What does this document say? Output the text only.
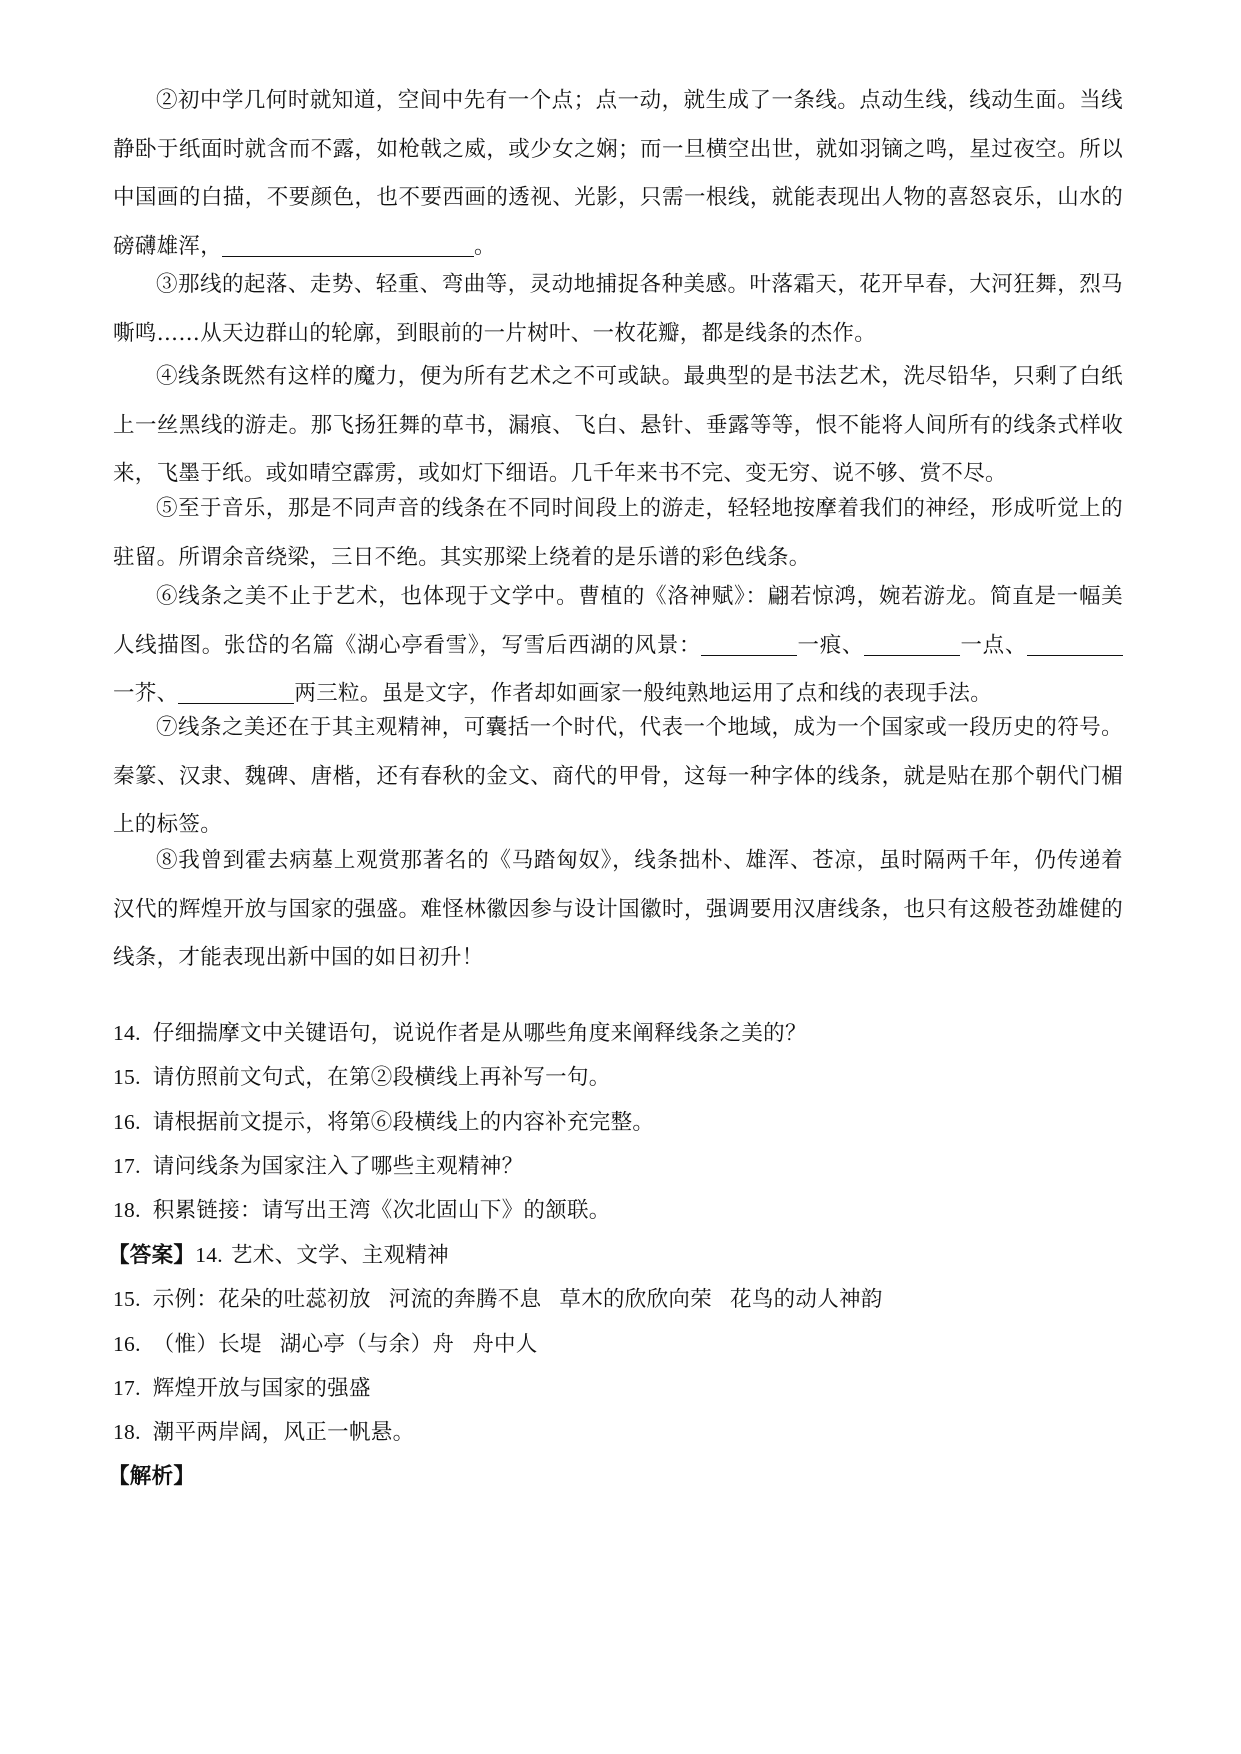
②初中学几何时就知道，空间中先有一个点；点一动，就生成了一条线。点动生线，线动生面。当线静卧于纸面时就含而不露，如枪戟之威，或少女之娴；而一旦横空出世，就如羽镝之鸣，星过夜空。所以中国画的白描，不要颜色，也不要西画的透视、光影，只需一根线，就能表现出人物的喜怒哀乐，山水的磅礴雄浑，	。

③那线的起落、走势、轻重、弯曲等，灵动地捕捉各种美感。叶落霜天，花开早春，大河狂舞，烈马嘶鸣……从天边群山的轮廓，到眼前的一片树叶、一枚花瓣，都是线条的杰作。

④线条既然有这样的魔力，便为所有艺术之不可或缺。最典型的是书法艺术，洗尽铅华，只剩了白纸上一丝黑线的游走。那飞扬狂舞的草书，漏痕、飞白、悬针、垂露等等，恨不能将人间所有的线条式样收来，飞墨于纸。或如晴空霹雳，或如灯下细语。几千年来书不完、变无穷、说不够、赏不尽。

⑤至于音乐，那是不同声音的线条在不同时间段上的游走，轻轻地按摩着我们的神经，形成听觉上的驻留。所谓余音绕梁，三日不绝。其实那梁上绕着的是乐谱的彩色线条。

⑥线条之美不止于艺术，也体现于文学中。曹植的《洛神赋》：翩若惊鸿，婉若游龙。简直是一幅美人线描图。张岱的名篇《湖心亭看雪》，写雪后西湖的风景：	一痕、	一点、一芥、	两三粒。虽是文字，作者却如画家一般纯熟地运用了点和线的表现手法。

⑦线条之美还在于其主观精神，可囊括一个时代，代表一个地域，成为一个国家或一段历史的符号。秦篆、汉隶、魏碑、唐楷，还有春秋的金文、商代的甲骨，这每一种字体的线条，就是贴在那个朝代门楣上的标签。

⑧我曾到霍去病墓上观赏那著名的《马踏匈奴》，线条拙朴、雄浑、苍凉，虽时隔两千年，仍传递着汉代的辉煌开放与国家的强盛。难怪林徽因参与设计国徽时，强调要用汉唐线条，也只有这般苍劲雄健的线条，才能表现出新中国的如日初升！

14. 仔细揣摩文中关键语句，说说作者是从哪些角度来阐释线条之美的？

15. 请仿照前文句式，在第②段横线上再补写一句。

16. 请根据前文提示，将第⑥段横线上的内容补充完整。

17. 请问线条为国家注入了哪些主观精神？

18. 积累链接：请写出王湾《次北固山下》的颔联。

【答案】14. 艺术、文学、主观精神

15. 示例：花朵的吐蕊初放 河流的奔腾不息 草木的欣欣向荣 花鸟的动人神韵

16. （惟）长堤 湖心亭（与余）舟 舟中人

17. 辉煌开放与国家的强盛

18. 潮平两岸阔，风正一帆悬。

【解析】
